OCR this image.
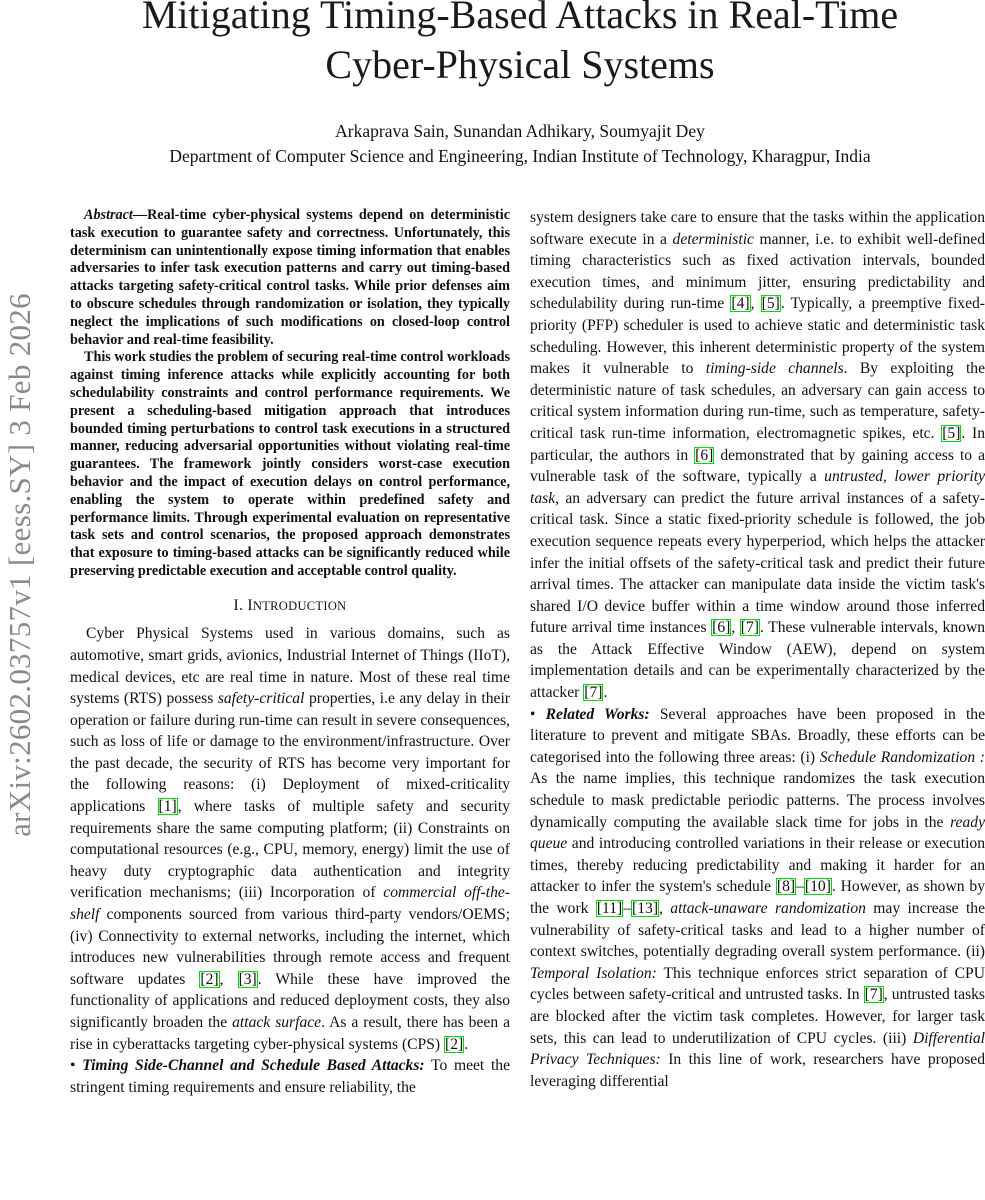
Mitigating Timing-Based Attacks in Real-Time
Cyber-Physical Systems
Arkaprava Sain, Sunandan Adhikary, Soumyajit Dey
Department of Computer Science and Engineering, Indian Institute of Technology, Kharagpur, India
arXiv:2602.03757v1 [eess.SY] 3 Feb 2026

Abstract—Real-time cyber-physical systems depend on deterministic task execution to guarantee safety and correctness. Unfortunately, this determinism can unintentionally expose timing information that enables adversaries to infer task execution patterns and carry out timing-based attacks targeting safety-critical control tasks. While prior defenses aim to obscure schedules through randomization or isolation, they typically neglect the implications of such modifications on closed-loop control behavior and real-time feasibility.

This work studies the problem of securing real-time control workloads against timing inference attacks while explicitly accounting for both schedulability constraints and control performance requirements. We present a scheduling-based mitigation approach that introduces bounded timing perturbations to control task executions in a structured manner, reducing adversarial opportunities without violating real-time guarantees. The framework jointly considers worst-case execution behavior and the impact of execution delays on control performance, enabling the system to operate within predefined safety and performance limits. Through experimental evaluation on representative task sets and control scenarios, the proposed approach demonstrates that exposure to timing-based attacks can be significantly reduced while preserving predictable execution and acceptable control quality.

I. INTRODUCTION

Cyber Physical Systems used in various domains, such as automotive, smart grids, avionics, Industrial Internet of Things (IIoT), medical devices, etc are real time in nature. Most of these real time systems (RTS) possess safety-critical properties, i.e any delay in their operation or failure during run-time can result in severe consequences, such as loss of life or damage to the environment/infrastructure. Over the past decade, the security of RTS has become very important for the following reasons: (i) Deployment of mixed-criticality applications [1], where tasks of multiple safety and security requirements share the same computing platform; (ii) Constraints on computational resources (e.g., CPU, memory, energy) limit the use of heavy duty cryptographic data authentication and integrity verification mechanisms; (iii) Incorporation of commercial off-the-shelf components sourced from various third-party vendors/OEMS; (iv) Connectivity to external networks, including the internet, which introduces new vulnerabilities through remote access and frequent software updates [2], [3]. While these have improved the functionality of applications and reduced deployment costs, they also significantly broaden the attack surface. As a result, there has been a rise in cyberattacks targeting cyber-physical systems (CPS) [2].

• Timing Side-Channel and Schedule Based Attacks: To meet the stringent timing requirements and ensure reliability, the

system designers take care to ensure that the tasks within the application software execute in a deterministic manner, i.e. to exhibit well-defined timing characteristics such as fixed activation intervals, bounded execution times, and minimum jitter, ensuring predictability and schedulability during run-time [4], [5]. Typically, a preemptive fixed-priority (PFP) scheduler is used to achieve static and deterministic task scheduling. However, this inherent deterministic property of the system makes it vulnerable to timing-side channels. By exploiting the deterministic nature of task schedules, an adversary can gain access to critical system information during run-time, such as temperature, safety-critical task run-time information, electromagnetic spikes, etc. [5]. In particular, the authors in [6] demonstrated that by gaining access to a vulnerable task of the software, typically a untrusted, lower priority task, an adversary can predict the future arrival instances of a safety-critical task. Since a static fixed-priority schedule is followed, the job execution sequence repeats every hyperperiod, which helps the attacker infer the initial offsets of the safety-critical task and predict their future arrival times. The attacker can manipulate data inside the victim task's shared I/O device buffer within a time window around those inferred future arrival time instances [6], [7]. These vulnerable intervals, known as the Attack Effective Window (AEW), depend on system implementation details and can be experimentally characterized by the attacker [7].

• Related Works: Several approaches have been proposed in the literature to prevent and mitigate SBAs. Broadly, these efforts can be categorised into the following three areas: (i) Schedule Randomization : As the name implies, this technique randomizes the task execution schedule to mask predictable periodic patterns. The process involves dynamically computing the available slack time for jobs in the ready queue and introducing controlled variations in their release or execution times, thereby reducing predictability and making it harder for an attacker to infer the system's schedule [8]–[10]. However, as shown by the work [11]–[13], attack-unaware randomization may increase the vulnerability of safety-critical tasks and lead to a higher number of context switches, potentially degrading overall system performance. (ii) Temporal Isolation: This technique enforces strict separation of CPU cycles between safety-critical and untrusted tasks. In [7], untrusted tasks are blocked after the victim task completes. However, for larger task sets, this can lead to underutilization of CPU cycles. (iii) Differential Privacy Techniques: In this line of work, researchers have proposed leveraging differential
